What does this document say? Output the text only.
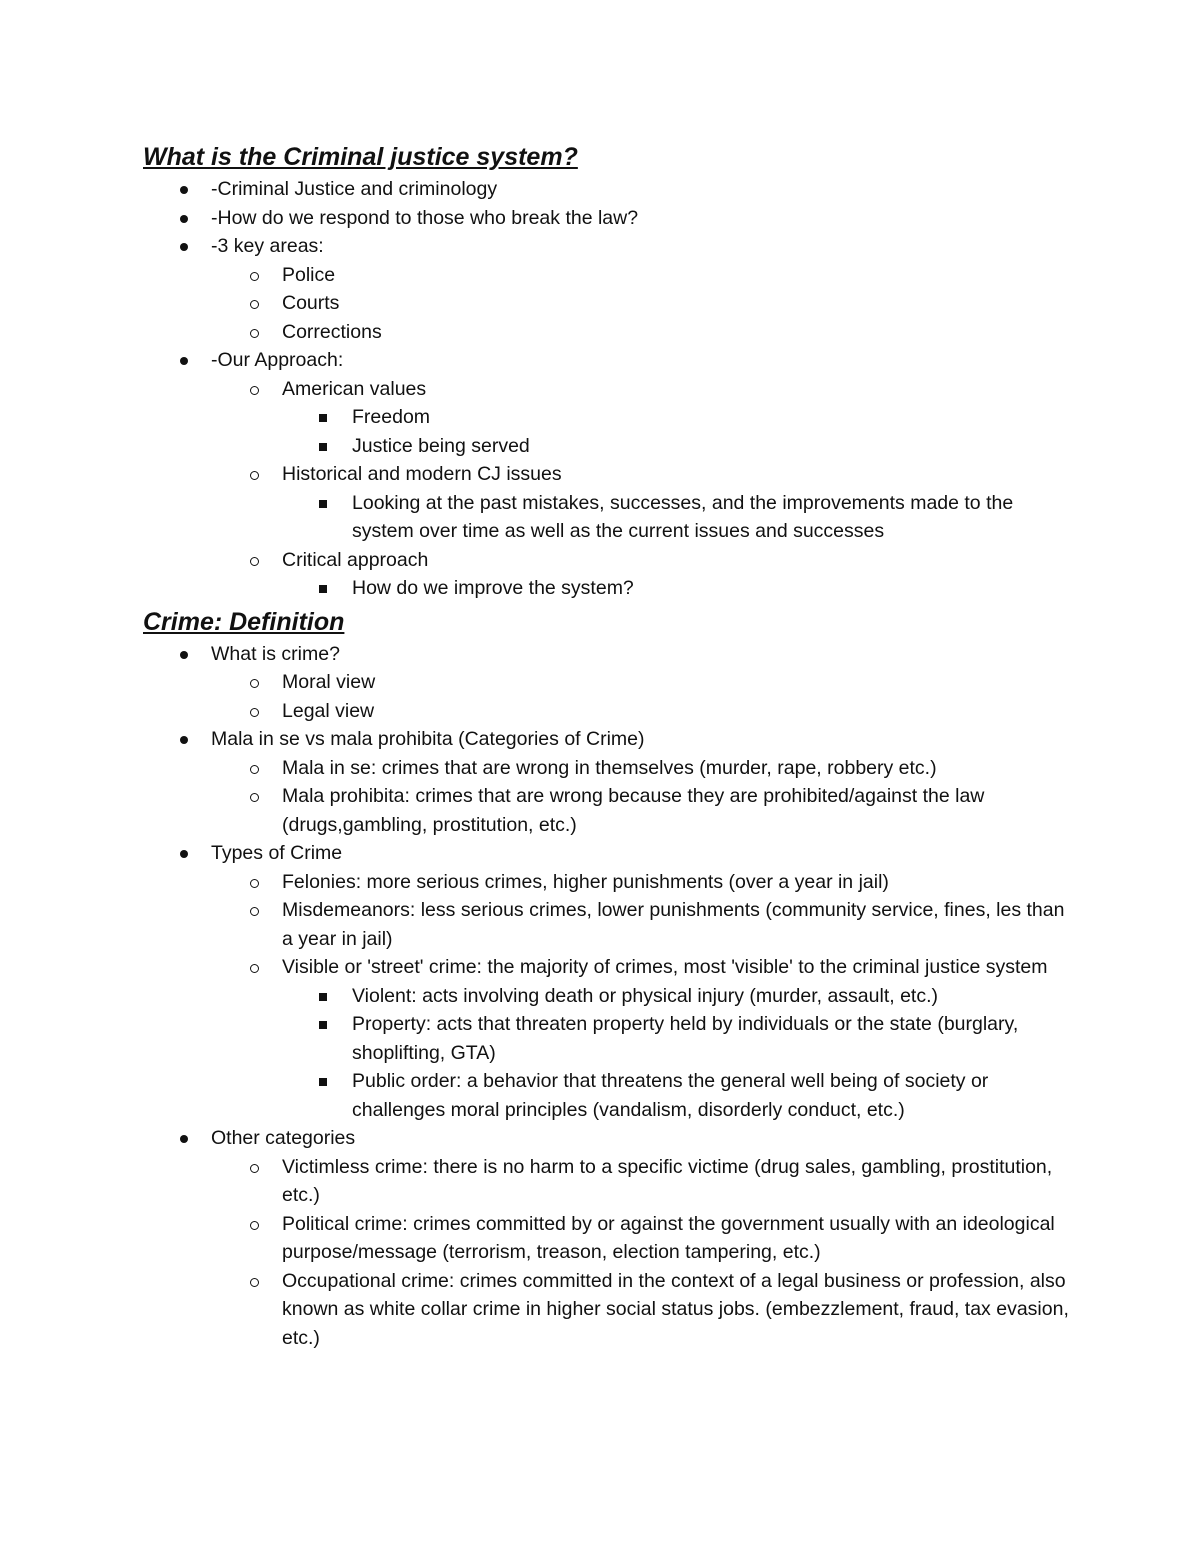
What is the Criminal justice system?
-Criminal Justice and criminology
-How do we respond to those who break the law?
-3 key areas:
Police
Courts
Corrections
-Our Approach:
American values
Freedom
Justice being served
Historical and modern CJ issues
Looking at the past mistakes, successes, and the improvements made to the system over time as well as the current issues and successes
Critical approach
How do we improve the system?
Crime: Definition
What is crime?
Moral view
Legal view
Mala in se vs mala prohibita (Categories of Crime)
Mala in se: crimes that are wrong in themselves (murder, rape, robbery etc.)
Mala prohibita: crimes that are wrong because they are prohibited/against the law (drugs,gambling, prostitution, etc.)
Types of Crime
Felonies: more serious crimes, higher punishments (over a year in jail)
Misdemeanors: less serious crimes, lower punishments (community service, fines, les than a year in jail)
Visible or 'street' crime: the majority of crimes, most 'visible' to the criminal justice system
Violent: acts involving death or physical injury (murder, assault, etc.)
Property: acts that threaten property held by individuals or the state (burglary, shoplifting, GTA)
Public order: a behavior that threatens the general well being of society or challenges moral principles (vandalism, disorderly conduct, etc.)
Other categories
Victimless crime: there is no harm to a specific victime (drug sales, gambling, prostitution, etc.)
Political crime: crimes committed by or against the government usually with an ideological purpose/message (terrorism, treason, election tampering, etc.)
Occupational crime: crimes committed in the context of a legal business or profession, also known as white collar crime in higher social status jobs. (embezzlement, fraud, tax evasion, etc.)
